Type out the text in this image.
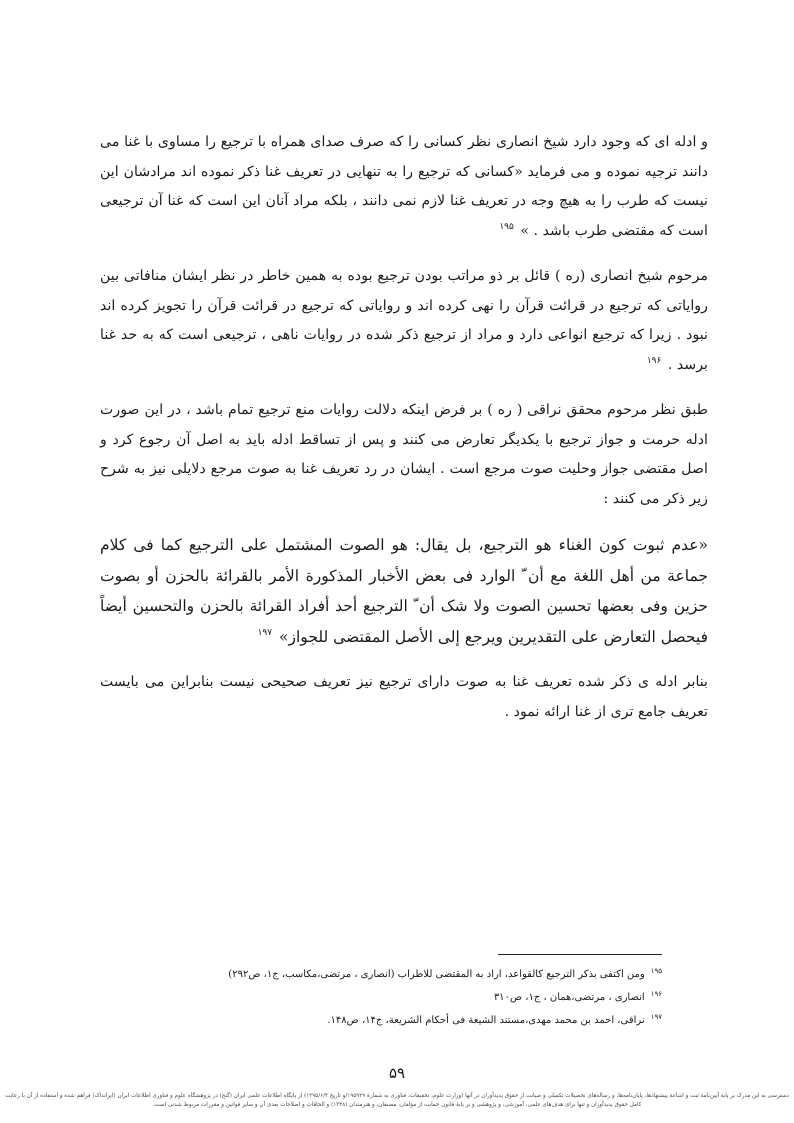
و ادله ای که وجود دارد شیخ انصاری نظر کسانی را که صرف صدای همراه با ترجیع را مساوی با غنا می دانند ترجیه نموده و می فرماید «کسانی که ترجیع را به تنهایی در تعریف غنا ذکر نموده اند مرادشان این نیست که طرب را به هیچ وجه در تعریف غنا لازم نمی دانند ، بلکه مراد آنان این است که غنا آن ترجیعی است که مقتضی طرب باشد . » $^{۱۹۵}$

مرحوم شیخ انصاری (ره ) قائل بر ذو مراتب بودن ترجیع بوده به همین خاطر در نظر ایشان منافاتی بین روایاتی که ترجیع در قرائت قرآن را نهی کرده اند و روایاتی که ترجیع در قرائت قرآن را تجویز کرده اند نبود . زیرا که ترجیع انواعی دارد و مراد از ترجیع ذکر شده در روایات ناهی ، ترجیعی است که به حد غنا برسد . $^{۱۹۶}$

طبق نظر مرحوم محقق نراقی ( ره ) بر فرض اینکه دلالت روایات منع ترجیع تمام باشد ، در این صورت ادله حرمت و جواز ترجیع با یکدیگر تعارض می کنند و پس از تساقط ادله باید به اصل آن رجوع کرد و اصل مقتضی جواز وحلیت صوت مرجع است . ایشان در رد تعریف غنا به صوت مرجع دلایلی نیز به شرح زیر ذکر می کنند :

«عدم ثبوت کون الغناء هو الترجیع، بل یقال: هو الصوت المشتمل علی الترجیع کما فی کلام جماعة من أهل اللغة مع أن ّ الوارد فی بعض الأخبار المذکورة الأمر بالقرائة بالحزن أو بصوت حزین وفی بعضها تحسین الصوت ولا شک أن ّ الترجیع أحد أفراد القرائة بالحزن والتحسین أیضاً فیحصل التعارض علی التقدیرین ویرجع إلی الأصل المقتضی للجواز» $^{۱۹۷}$

بنابر ادله ی ذکر شده تعریف غنا به صوت دارای ترجیع نیز تعریف صحیحی نیست بنابراین می بایست تعریف جامع تری از غنا ارائه نمود .

$^{۱۹۵}$ومن اکتفی بذکر الترجیع کالقواعد، اراد به المقتضی للاطراب (انصاری ، مرتضی،مکاسب، ج۱، ص۲۹۲)

$^{۱۹۶}$انصاری ، مرتضی،همان ، ج۱، ص۳۱۰

$^{۱۹۷}$نراقی، احمد بن محمد مهدی،مستند الشیعة فی أحکام الشریعة، ج۱۴، ص۱۴۸.

۵۹
دسترسی به این مدرک بر پایهٔ آیین‌نامهٔ ثبت و اشاعهٔ پیشنهادها، پایان‌نامه‌ها، و رساله‌های تحصیلات تکمیلی و صیانت از حقوق پدیدآوران در آنها (وزارت علوم، تحقیقات، فناوری به شمارهٔ ۱۹۵۹۲۹/و تاریخ ۱۳۹۵/۶/۴) از پایگاه اطلاعات علمی ایران (گنج) در پژوهشگاه علوم و فناوری اطلاعات ایران (ایرانداک) فراهم شده و استفاده از آن با رعایت کامل حقوق پدیدآوران و تنها برای هدف‌های علمی، آموزشی، و پژوهشی و بر پایهٔ قانون حمایت از مؤلفان، مصنفان، و هنرمندان (۱۳۴۸) و الحاقات و اصلاحات بعدی آن و سایر قوانین و مقررات مربوط شدنی است.
